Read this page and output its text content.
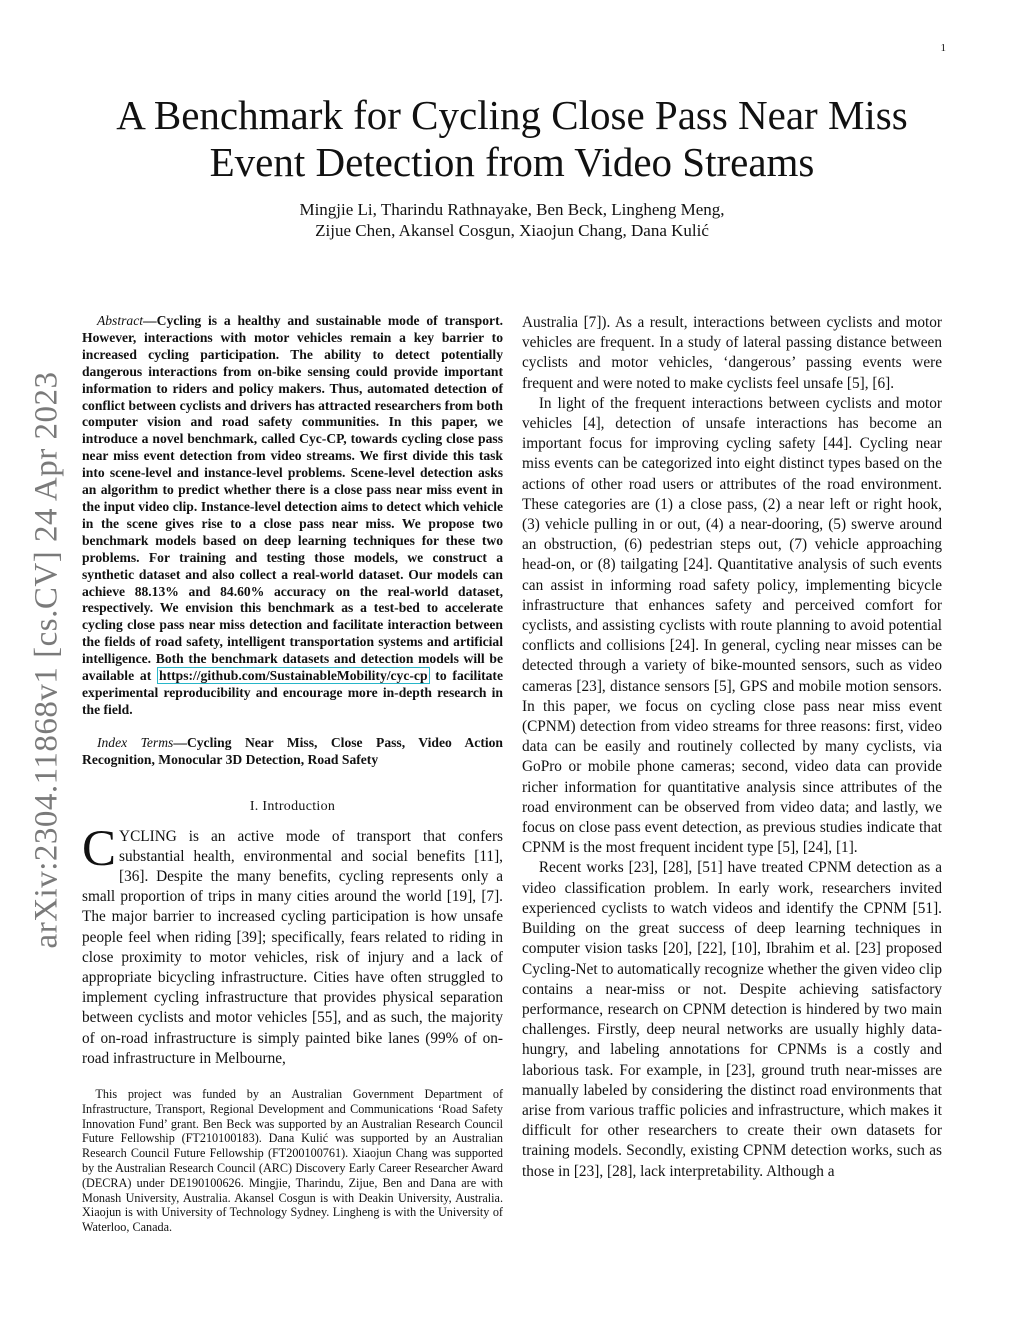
1
arXiv:2304.11868v1 [cs.CV] 24 Apr 2023
A Benchmark for Cycling Close Pass Near Miss
Event Detection from Video Streams
Mingjie Li, Tharindu Rathnayake, Ben Beck, Lingheng Meng,
Zijue Chen, Akansel Cosgun, Xiaojun Chang, Dana Kulić

Abstract—Cycling is a healthy and sustainable mode of transport. However, interactions with motor vehicles remain a key barrier to increased cycling participation. The ability to detect potentially dangerous interactions from on-bike sensing could provide important information to riders and policy makers. Thus, automated detection of conflict between cyclists and drivers has attracted researchers from both computer vision and road safety communities. In this paper, we introduce a novel benchmark, called Cyc-CP, towards cycling close pass near miss event detection from video streams. We first divide this task into scene-level and instance-level problems. Scene-level detection asks an algorithm to predict whether there is a close pass near miss event in the input video clip. Instance-level detection aims to detect which vehicle in the scene gives rise to a close pass near miss. We propose two benchmark models based on deep learning techniques for these two problems. For training and testing those models, we construct a synthetic dataset and also collect a real-world dataset. Our models can achieve 88.13% and 84.60% accuracy on the real-world dataset, respectively. We envision this benchmark as a test-bed to accelerate cycling close pass near miss detection and facilitate interaction between the fields of road safety, intelligent transportation systems and artificial intelligence. Both the benchmark datasets and detection models will be available at https://github.com/SustainableMobility/cyc-cp to facilitate experimental reproducibility and encourage more in-depth research in the field.

Index Terms—Cycling Near Miss, Close Pass, Video Action Recognition, Monocular 3D Detection, Road Safety

I. Introduction

CYCLING is an active mode of transport that confers substantial health, environmental and social benefits [11], [36]. Despite the many benefits, cycling represents only a small proportion of trips in many cities around the world [19], [7]. The major barrier to increased cycling participation is how unsafe people feel when riding [39]; specifically, fears related to riding in close proximity to motor vehicles, risk of injury and a lack of appropriate bicycling infrastructure. Cities have often struggled to implement cycling infrastructure that provides physical separation between cyclists and motor vehicles [55], and as such, the majority of on-road infrastructure is simply painted bike lanes (99% of on-road infrastructure in Melbourne,

This project was funded by an Australian Government Department of Infrastructure, Transport, Regional Development and Communications ‘Road Safety Innovation Fund’ grant. Ben Beck was supported by an Australian Research Council Future Fellowship (FT210100183). Dana Kulić was supported by an Australian Research Council Future Fellowship (FT200100761). Xiaojun Chang was supported by the Australian Research Council (ARC) Discovery Early Career Researcher Award (DECRA) under DE190100626. Mingjie, Tharindu, Zijue, Ben and Dana are with Monash University, Australia. Akansel Cosgun is with Deakin University, Australia. Xiaojun is with University of Technology Sydney. Lingheng is with the University of Waterloo, Canada.

Australia [7]). As a result, interactions between cyclists and motor vehicles are frequent. In a study of lateral passing distance between cyclists and motor vehicles, ‘dangerous’ passing events were frequent and were noted to make cyclists feel unsafe [5], [6].

In light of the frequent interactions between cyclists and motor vehicles [4], detection of unsafe interactions has become an important focus for improving cycling safety [44]. Cycling near miss events can be categorized into eight distinct types based on the actions of other road users or attributes of the road environment. These categories are (1) a close pass, (2) a near left or right hook, (3) vehicle pulling in or out, (4) a near-dooring, (5) swerve around an obstruction, (6) pedestrian steps out, (7) vehicle approaching head-on, or (8) tailgating [24]. Quantitative analysis of such events can assist in informing road safety policy, implementing bicycle infrastructure that enhances safety and perceived comfort for cyclists, and assisting cyclists with route planning to avoid potential conflicts and collisions [24]. In general, cycling near misses can be detected through a variety of bike-mounted sensors, such as video cameras [23], distance sensors [5], GPS and mobile motion sensors. In this paper, we focus on cycling close pass near miss event (CPNM) detection from video streams for three reasons: first, video data can be easily and routinely collected by many cyclists, via GoPro or mobile phone cameras; second, video data can provide richer information for quantitative analysis since attributes of the road environment can be observed from video data; and lastly, we focus on close pass event detection, as previous studies indicate that CPNM is the most frequent incident type [5], [24], [1].

Recent works [23], [28], [51] have treated CPNM detection as a video classification problem. In early work, researchers invited experienced cyclists to watch videos and identify the CPNM [51]. Building on the great success of deep learning techniques in computer vision tasks [20], [22], [10], Ibrahim et al. [23] proposed Cycling-Net to automatically recognize whether the given video clip contains a near-miss or not. Despite achieving satisfactory performance, research on CPNM detection is hindered by two main challenges. Firstly, deep neural networks are usually highly data-hungry, and labeling annotations for CPNMs is a costly and laborious task. For example, in [23], ground truth near-misses are manually labeled by considering the distinct road environments that arise from various traffic policies and infrastructure, which makes it difficult for other researchers to create their own datasets for training models. Secondly, existing CPNM detection works, such as those in [23], [28], lack interpretability. Although a
